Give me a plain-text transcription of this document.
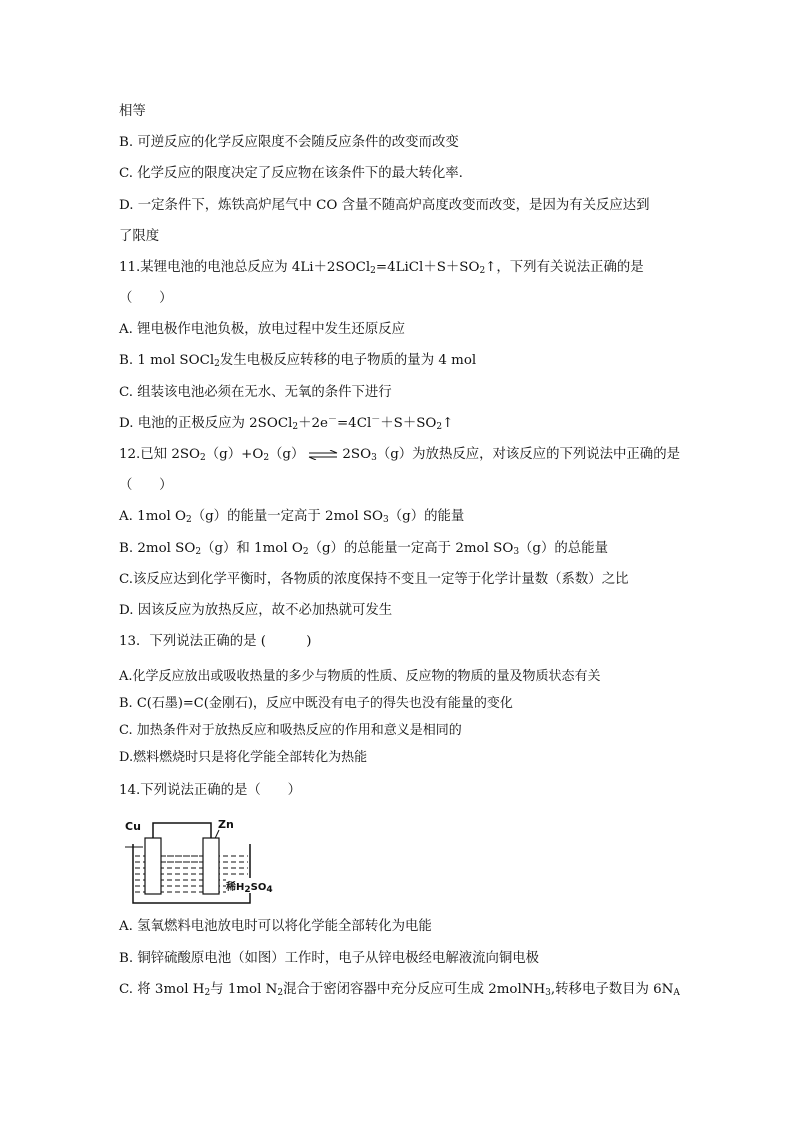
相等
B. 可逆反应的化学反应限度不会随反应条件的改变而改变
C. 化学反应的限度决定了反应物在该条件下的最大转化率.
D. 一定条件下，炼铁高炉尾气中 CO 含量不随高炉高度改变而改变，是因为有关反应达到
了限度
11.某锂电池的电池总反应为 $4Li+2SOCl_2=4LiCl+S+SO_2↑$，下列有关说法正确的是
（　　）
A. 锂电极作电池负极，放电过程中发生还原反应
B. 1 mol SOCl$_2$发生电极反应转移的电子物质的量为 4 mol
C. 组装该电池必须在无水、无氧的条件下进行
D. 电池的正极反应为 $2SOCl_2+2e^-=4Cl^-+S+SO_2↑$
12.已知 $2SO_2(g)+O_2(g)$ ⇌ $2SO_3(g)$为放热反应，对该反应的下列说法中正确的是
（　　）
A. 1mol $O_2(g)$的能量一定高于 2mol $SO_3(g)$的能量
B. 2mol $SO_2(g)$和 1mol $O_2(g)$的总能量一定高于 2mol $SO_3(g)$的总能量
C.该反应达到化学平衡时，各物质的浓度保持不变且一定等于化学计量数（系数）之比
D. 因该反应为放热反应，故不必加热就可发生
13．下列说法正确的是 (　　　)
A.化学反应放出或吸收热量的多少与物质的性质、反应物的物质的量及物质状态有关
B. C(石墨)=C(金刚石)，反应中既没有电子的得失也没有能量的变化
C. 加热条件对于放热反应和吸热反应的作用和意义是相同的
D.燃料燃烧时只是将化学能全部转化为热能
14.下列说法正确的是（　　）
Cu	Zn
稀$H_2SO_4$
A. 氢氧燃料电池放电时可以将化学能全部转化为电能
B. 铜锌硫酸原电池（如图）工作时，电子从锌电极经电解液流向铜电极
C. 将 3mol $H_2$与 1mol $N_2$混合于密闭容器中充分反应可生成 2molNH$_3$,转移电子数目为 $6N_A$
